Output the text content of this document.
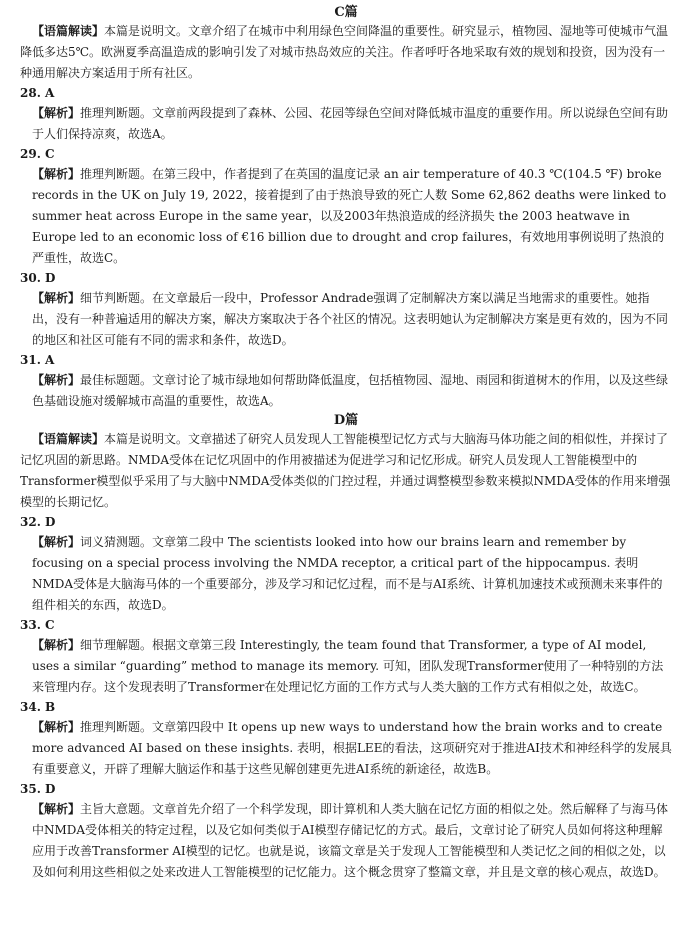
C篇

【语篇解读】本篇是说明文。文章介绍了在城市中利用绿色空间降温的重要性。研究显示，植物园、湿地等可使城市气温降低多达5℃。欧洲夏季高温造成的影响引发了对城市热岛效应的关注。作者呼吁各地采取有效的规划和投资，因为没有一种通用解决方案适用于所有社区。

28. A

【解析】推理判断题。文章前两段提到了森林、公园、花园等绿色空间对降低城市温度的重要作用。所以说绿色空间有助于人们保持凉爽，故选A。

29. C

【解析】推理判断题。在第三段中，作者提到了在英国的温度记录 an air temperature of 40.3 ℃(104.5 ℉) broke records in the UK on July 19, 2022，接着提到了由于热浪导致的死亡人数 Some 62,862 deaths were linked to summer heat across Europe in the same year，以及2003年热浪造成的经济损失 the 2003 heatwave in Europe led to an economic loss of €16 billion due to drought and crop failures，有效地用事例说明了热浪的严重性，故选C。

30. D

【解析】细节判断题。在文章最后一段中，Professor Andrade强调了定制解决方案以满足当地需求的重要性。她指出，没有一种普遍适用的解决方案，解决方案取决于各个社区的情况。这表明她认为定制解决方案是更有效的，因为不同的地区和社区可能有不同的需求和条件，故选D。

31. A

【解析】最佳标题题。文章讨论了城市绿地如何帮助降低温度，包括植物园、湿地、雨园和街道树木的作用，以及这些绿色基础设施对缓解城市高温的重要性，故选A。

D篇

【语篇解读】本篇是说明文。文章描述了研究人员发现人工智能模型记忆方式与大脑海马体功能之间的相似性，并探讨了记忆巩固的新思路。NMDA受体在记忆巩固中的作用被描述为促进学习和记忆形成。研究人员发现人工智能模型中的Transformer模型似乎采用了与大脑中NMDA受体类似的门控过程，并通过调整模型参数来模拟NMDA受体的作用来增强模型的长期记忆。

32. D

【解析】词义猜测题。文章第二段中 The scientists looked into how our brains learn and remember by focusing on a special process involving the NMDA receptor, a critical part of the hippocampus. 表明NMDA受体是大脑海马体的一个重要部分，涉及学习和记忆过程，而不是与AI系统、计算机加速技术或预测未来事件的组件相关的东西，故选D。

33. C

【解析】细节理解题。根据文章第三段 Interestingly, the team found that Transformer, a type of AI model, uses a similar “guarding” method to manage its memory. 可知，团队发现Transformer使用了一种特别的方法来管理内存。这个发现表明了Transformer在处理记忆方面的工作方式与人类大脑的工作方式有相似之处，故选C。

34. B

【解析】推理判断题。文章第四段中 It opens up new ways to understand how the brain works and to create more advanced AI based on these insights. 表明，根据LEE的看法，这项研究对于推进AI技术和神经科学的发展具有重要意义，开辟了理解大脑运作和基于这些见解创建更先进AI系统的新途径，故选B。

35. D

【解析】主旨大意题。文章首先介绍了一个科学发现，即计算机和人类大脑在记忆方面的相似之处。然后解释了与海马体中NMDA受体相关的特定过程，以及它如何类似于AI模型存储记忆的方式。最后，文章讨论了研究人员如何将这种理解应用于改善Transformer AI模型的记忆。也就是说，该篇文章是关于发现人工智能模型和人类记忆之间的相似之处，以及如何利用这些相似之处来改进人工智能模型的记忆能力。这个概念贯穿了整篇文章，并且是文章的核心观点，故选D。
